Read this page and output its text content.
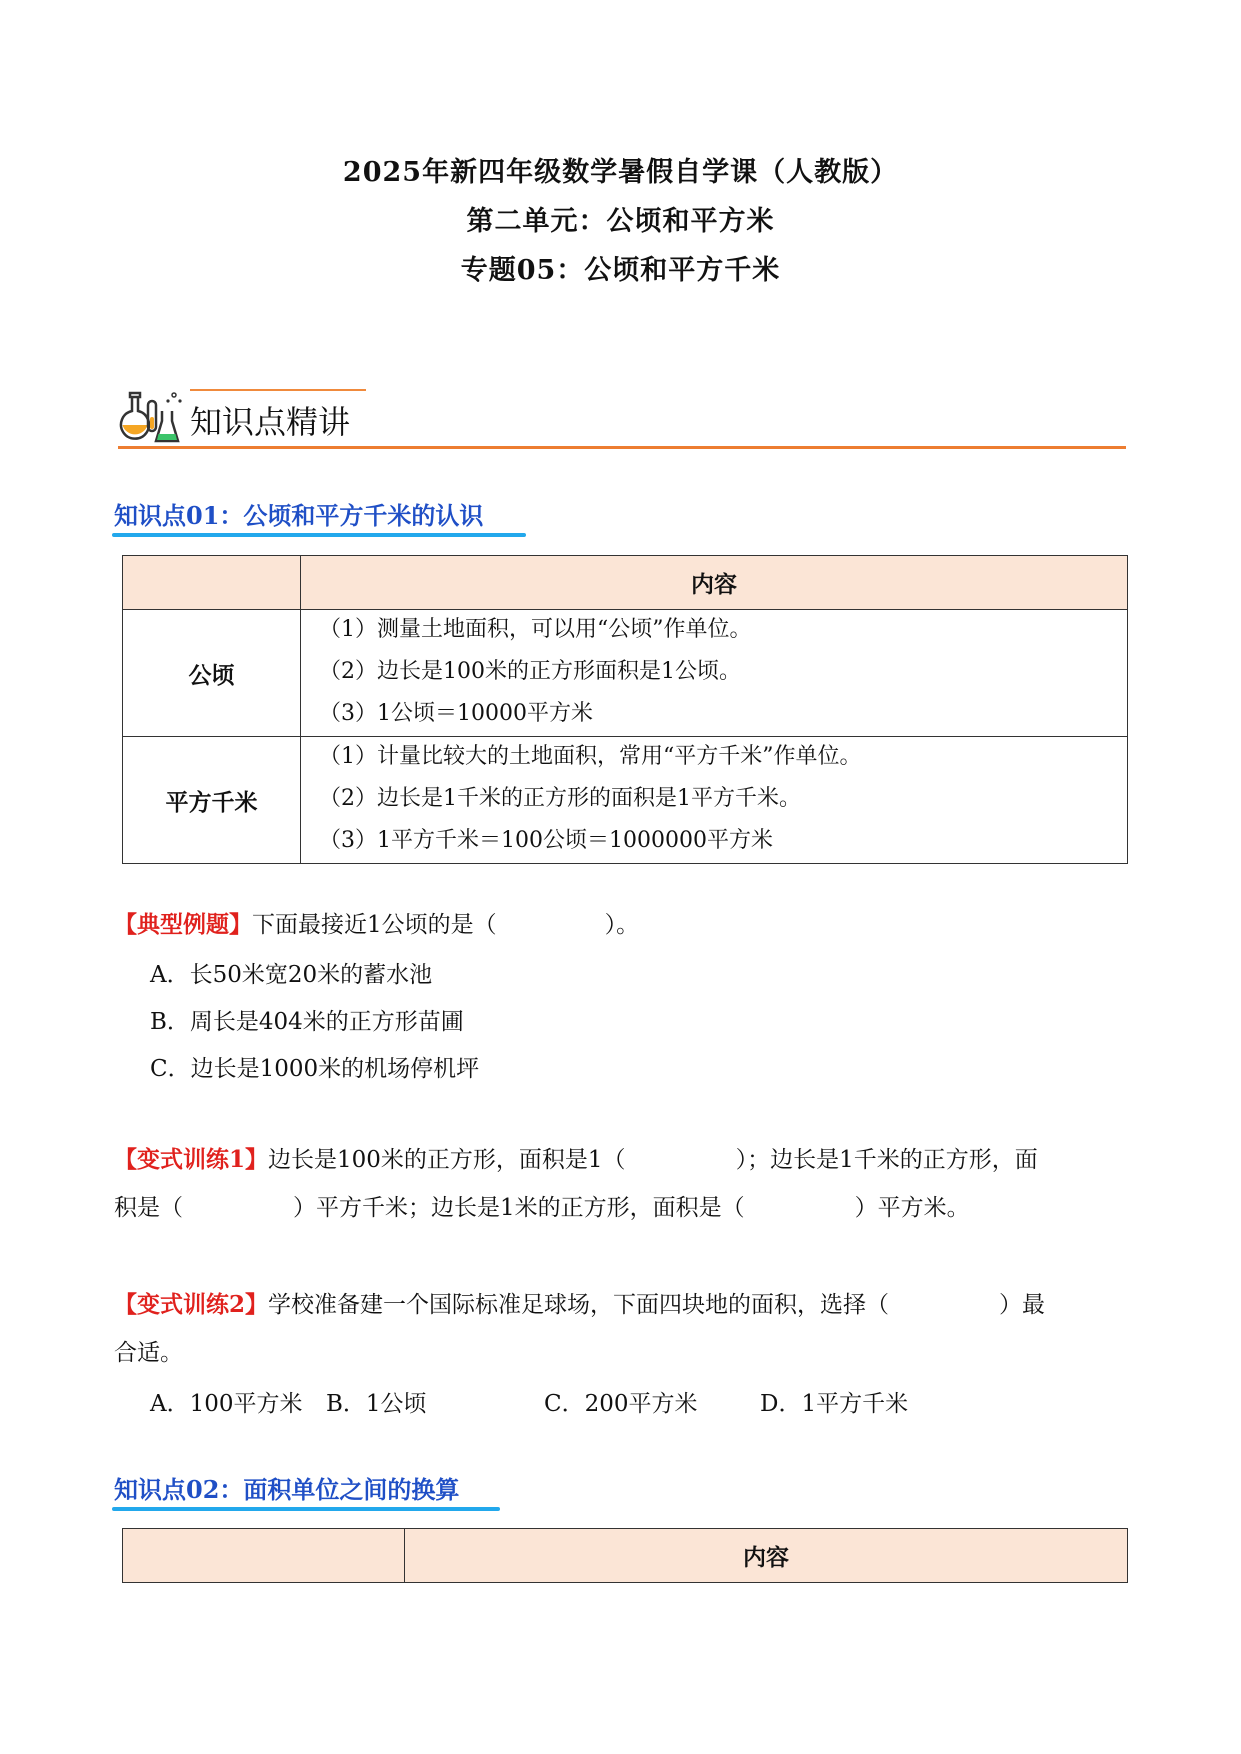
2025年新四年级数学暑假自学课（人教版）
第二单元：公顷和平方米
专题05：公顷和平方千米
知识点精讲
知识点01：公顷和平方千米的认识
	内容
公顷	（1）测量土地面积，可以用“公顷”作单位。
（2）边长是100米的正方形面积是1公顷。
（3）1公顷＝10000平方米

平方千米	（1）计量比较大的土地面积，常用“平方千米”作单位。
（2）边长是1千米的正方形的面积是1平方千米。
（3）1平方千米＝100公顷＝1000000平方米
【典型例题】下面最接近1公顷的是（	）。
A．长50米宽20米的蓄水池
B．周长是404米的正方形苗圃
C．边长是1000米的机场停机坪
【变式训练1】边长是100米的正方形，面积是1（	）；边长是1千米的正方形，面
积是（	）平方千米；边长是1米的正方形，面积是（	）平方米。
【变式训练2】学校准备建一个国际标准足球场，下面四块地的面积，选择（	）最
合适。
A．100平方米 B．1公顷	C．200平方米	D．1平方千米
知识点02：面积单位之间的换算
	内容
